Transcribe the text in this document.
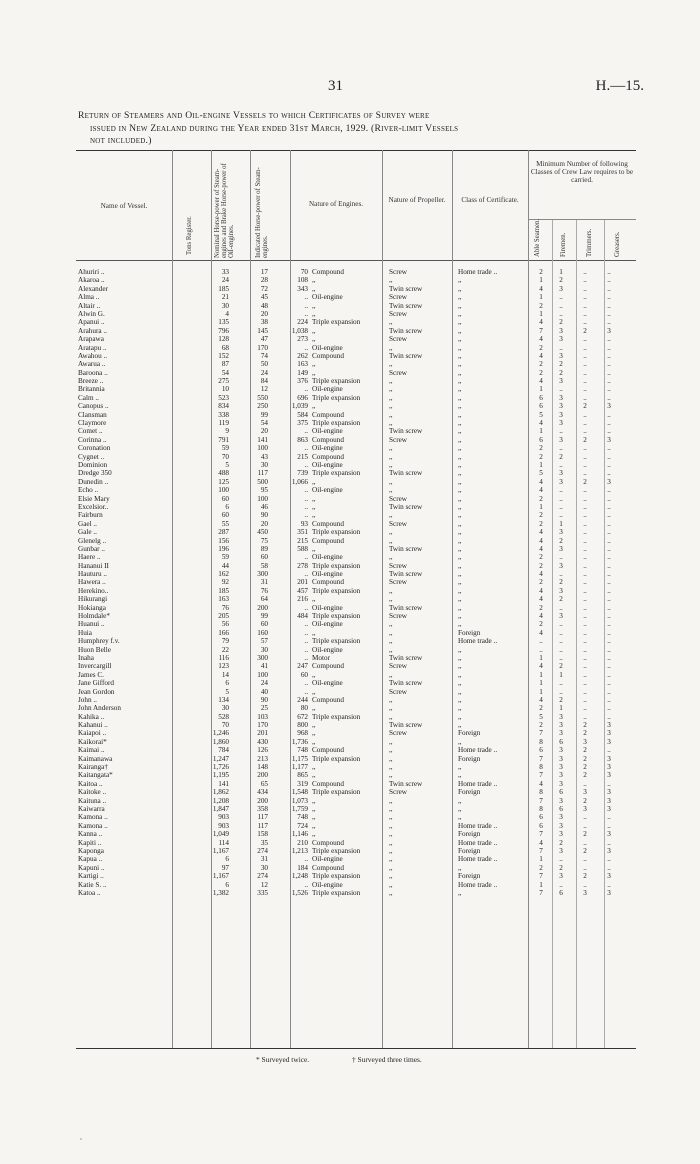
31	H.—15.
Return of Steamers and Oil-engine Vessels to which Certificates of Survey were
issued in New Zealand during the Year ended 31st March, 1929. (River-limit Vessels
not included.)
Name of Vessel.
Tons Register.	Nominal Horse-power of Steam-engines and Brake Horse-power of Oil-engines.	Indicated Horse-power of Steam-engines.
Nature of Engines.	Nature of Propeller.	Class of Certificate.
Minimum Number of following Classes of Crew Law requires to be carried.
Able Seamen.	Firemen.	Trimmers.	Greasers.
Ahuriri ..	33	17	70 Compound	Screw	Home trade ..	2	1	..	..
Akaroa ..	24	28	108 ,,	,,	,,	1	2	..	..
Alexander	185	72	343 ,,	Twin screw	,,	4	3	..	..
Alma ..	21	45	.. Oil-engine	Screw	,,	1	..	..	..
Altair ..	30	48	.. ,,	Twin screw	,,	2	..	..	..
Alwin G.	4	20	.. ,,	Screw	,,	1	..	..	..
Apanui ..	135	38	224 Triple expansion	,,	,,	4	2	..	..
Arahura ..	796	145	1,038 ,,	Twin screw	,,	7	3	2	3
Arapawa	128	47	273 ,,	Screw	,,	4	3	..	..
Aratapu ..	68	170	.. Oil-engine	,,	,,	2	..	..	..
Awahou ..	152	74	262 Compound	Twin screw	,,	4	3	..	..
Awarua ..	87	50	163 ,,	,,	,,	2	2	..	..
Baroona ..	54	24	149 ,,	Screw	,,	2	2	..	..
Breeze ..	275	84	376 Triple expansion	,,	,,	4	3	..	..
Britannia	10	12	.. Oil-engine	,,	,,	1	..	..	..
Calm ..	523	550	696 Triple expansion	,,	,,	6	3	..	..
Canopus ..	834	250	1,039 ,,	,,	,,	6	3	2	3
Clansman	338	99	584 Compound	,,	,,	5	3	..	..
Claymore	119	54	375 Triple expansion	,,	,,	4	3	..	..
Comet ..	9	20	.. Oil-engine	Twin screw	,,	1	..	..	..
Corinna ..	791	141	863 Compound	Screw	,,	6	3	2	3
Coronation	59	100	.. Oil-engine	,,	,,	2	..	..	..
Cygnet ..	70	43	215 Compound	,,	,,	2	2	..	..
Dominion	5	30	.. Oil-engine	,,	,,	1	..	..	..
Dredge 350	488	117	739 Triple expansion	Twin screw	,,	5	3	..	..
Dunedin ..	125	500	1,066 ,,	,,	,,	4	3	2	3
Echo ..	100	95	.. Oil-engine	,,	,,	4	..	..	..
Elsie Mary	60	100	.. ,,	Screw	,,	2	..	..	..
Excelsior..	6	46	.. ,,	Twin screw	,,	1	..	..	..
Fairburn	60	90	.. ,,	,,	,,	2	..	..	..
Gael ..	55	20	93 Compound	Screw	,,	2	1	..	..
Gale ..	287	450	351 Triple expansion	,,	,,	4	3	..	..
Glenelg ..	156	75	215 Compound	,,	,,	4	2	..	..
Gunbar ..	196	89	588 ,,	Twin screw	,,	4	3	..	..
Haere ..	59	60	.. Oil-engine	,,	,,	2	..	..	..
Hananui II	44	58	278 Triple expansion	Screw	,,	2	3	..	..
Hauturu ..	162	300	.. Oil-engine	Twin screw	,,	4	..	..	..
Hawera ..	92	31	201 Compound	Screw	,,	2	2	..	..
Herekino..	185	76	457 Triple expansion	,,	,,	4	3	..	..
Hikurangi	163	64	216 ,,	,,	,,	4	2	..	..
Hokianga	76	200	.. Oil-engine	Twin screw	,,	2	..	..	..
Holmdale*	205	99	484 Triple expansion	Screw	,,	4	3	..	..
Huanui ..	56	60	.. Oil-engine	,,	,,	2	..	..	..
Huia	166	160	.. ,,	,,	Foreign	4	..	..	..
Humphrey f.v.	79	57	.. Triple expansion	,,	Home trade ..	..	..	..	..
Huon Belle	22	30	.. Oil-engine	,,	,,	..	..	..	..
Inaha	116	300	.. Motor	Twin screw	,,	1	..	..	..
Invercargill	123	41	247 Compound	Screw	,,	4	2	..	..
James C.	14	100	60 ,,	,,	,,	1	1	..	..
Jane Gifford	6	24	.. Oil-engine	Twin screw	,,	1	..	..	..
Jean Gordon	5	40	.. ,,	Screw	,,	1	..	..	..
John ..	134	90	244 Compound	,,	,,	4	2	..	..
John Anderson	30	25	80 ,,	,,	,,	2	1	..	..
Kahika ..	528	103	672 Triple expansion	,,	,,	5	3	..	..
Kahanui ..	70	170	800 ,,	Twin screw	,,	2	3	2	3
Kaiapoi ..	1,246	201	968 ,,	Screw	Foreign	7	3	2	3
Kaikorai*	1,860	430	1,736 ,,	,,	,,	8	6	3	3
Kaimai ..	784	126	748 Compound	,,	Home trade ..	6	3	2	..
Kaimanawa	1,247	213	1,175 Triple expansion	,,	Foreign	7	3	2	3
Kairanga†	1,726	148	1,177 ,,	,,	,,	8	3	2	3
Kaitangata*	1,195	200	865 ,,	,,	,,	7	3	2	3
Kaitoa ..	141	65	319 Compound	Twin screw	Home trade ..	4	3	..	..
Kaitoke ..	1,862	434	1,548 Triple expansion	Screw	Foreign	8	6	3	3
Kaituna ..	1,208	200	1,073 ,,	,,	,,	7	3	2	3
Kaiwarra	1,847	358	1,759 ,,	,,	,,	8	6	3	3
Kamona ..	903	117	748 ,,	,,	,,	6	3	..	..
Kamona ..	903	117	724 ,,	,,	Home trade ..	6	3	..	..
Kanna ..	1,049	158	1,146 ,,	,,	Foreign	7	3	2	3
Kapiti ..	114	35	210 Compound	,,	Home trade ..	4	2	..	..
Kaponga	1,167	274	1,213 Triple expansion	,,	Foreign	7	3	2	3
Kapua ..	6	31	.. Oil-engine	,,	Home trade ..	1	..	..	..
Kapuni ..	97	30	184 Compound	,,	,,	2	2	..	..
Kartigi ..	1,167	274	1,248 Triple expansion	,,	Foreign	7	3	2	3
Katie S. ..	6	12	.. Oil-engine	,,	Home trade ..	1	..	..	..
Katoa ..	1,382	335	1,526 Triple expansion	,,	,,	7	6	3	3
* Surveyed twice.	† Surveyed three times.
